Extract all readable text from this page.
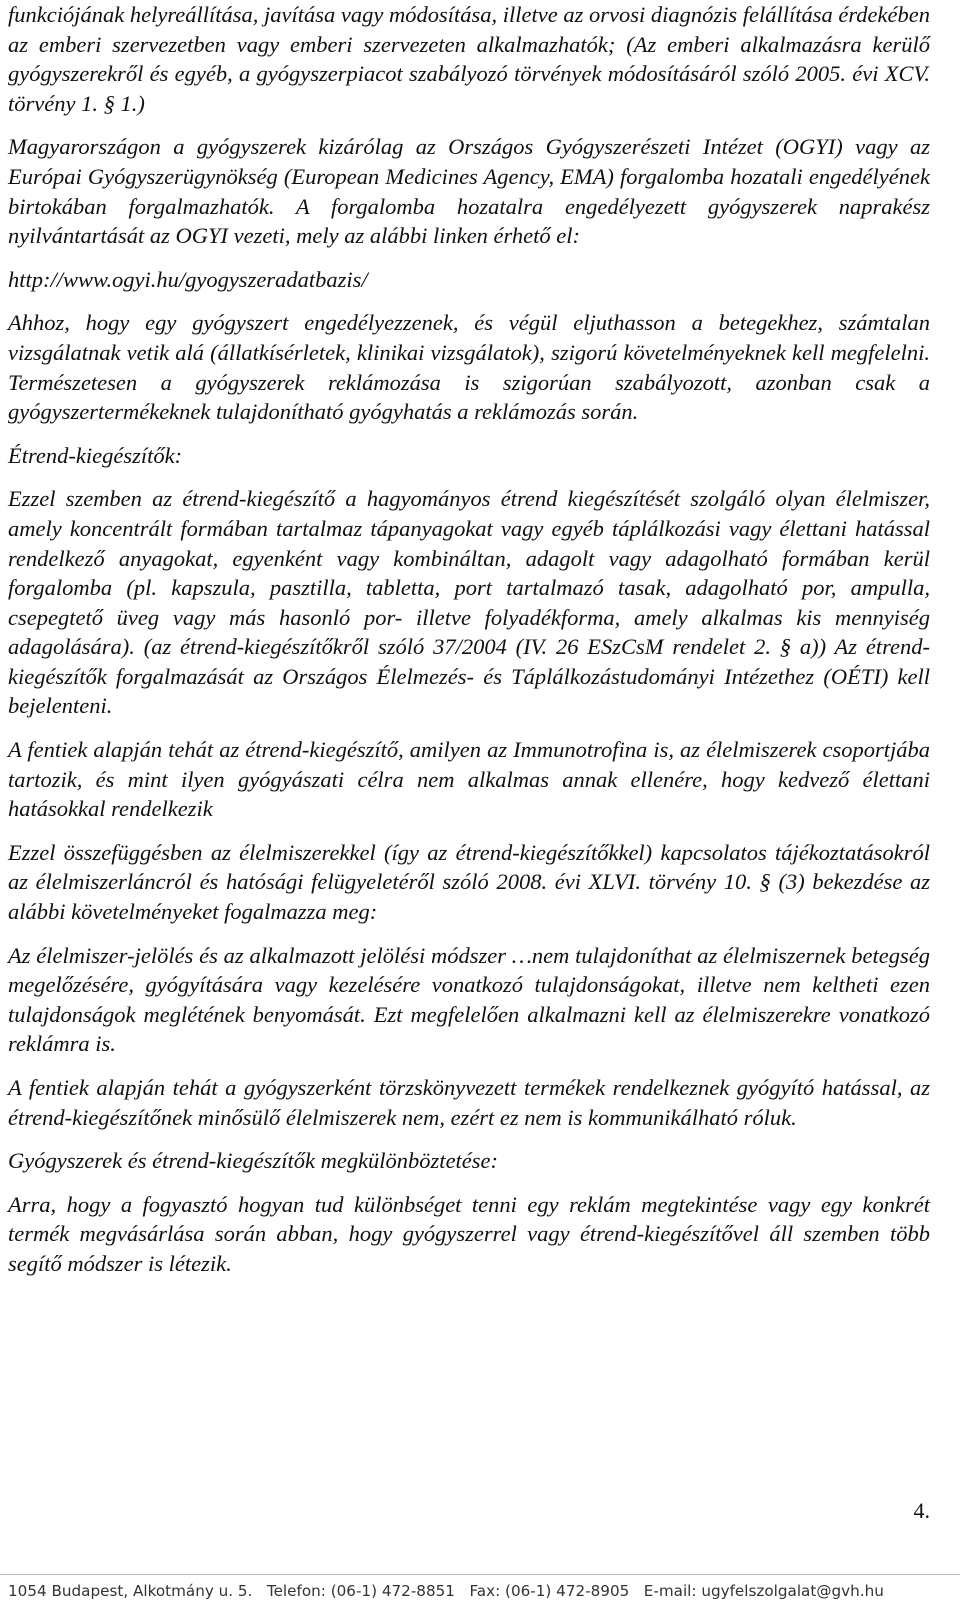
funkciójának helyreállítása, javítása vagy módosítása, illetve az orvosi diagnózis felállítása érdekében az emberi szervezetben vagy emberi szervezeten alkalmazhatók; (Az emberi alkalmazásra kerülő gyógyszerekről és egyéb, a gyógyszerpiacot szabályozó törvények módosításáról szóló 2005. évi XCV. törvény 1. § 1.)

Magyarországon a gyógyszerek kizárólag az Országos Gyógyszerészeti Intézet (OGYI) vagy az Európai Gyógyszerügynökség (European Medicines Agency, EMA) forgalomba hozatali engedélyének birtokában forgalmazhatók. A forgalomba hozatalra engedélyezett gyógyszerek naprakész nyilvántartását az OGYI vezeti, mely az alábbi linken érhető el:

http://www.ogyi.hu/gyogyszeradatbazis/

Ahhoz, hogy egy gyógyszert engedélyezzenek, és végül eljuthasson a betegekhez, számtalan vizsgálatnak vetik alá (állatkísérletek, klinikai vizsgálatok), szigorú követelményeknek kell megfelelni. Természetesen a gyógyszerek reklámozása is szigorúan szabályozott, azonban csak a gyógyszertermékeknek tulajdonítható gyógyhatás a reklámozás során.

Étrend-kiegészítők:

Ezzel szemben az étrend-kiegészítő a hagyományos étrend kiegészítését szolgáló olyan élelmiszer, amely koncentrált formában tartalmaz tápanyagokat vagy egyéb táplálkozási vagy élettani hatással rendelkező anyagokat, egyenként vagy kombináltan, adagolt vagy adagolható formában kerül forgalomba (pl. kapszula, pasztilla, tabletta, port tartalmazó tasak, adagolható por, ampulla, csepegtető üveg vagy más hasonló por- illetve folyadékforma, amely alkalmas kis mennyiség adagolására). (az étrend-kiegészítőkről szóló 37/2004 (IV. 26 ESzCsM rendelet 2. § a)) Az étrend-kiegészítők forgalmazását az Országos Élelmezés- és Táplálkozástudományi Intézethez (OÉTI) kell bejelenteni.

A fentiek alapján tehát az étrend-kiegészítő, amilyen az Immunotrofina is, az élelmiszerek csoportjába tartozik, és mint ilyen gyógyászati célra nem alkalmas annak ellenére, hogy kedvező élettani hatásokkal rendelkezik

Ezzel összefüggésben az élelmiszerekkel (így az étrend-kiegészítőkkel) kapcsolatos tájékoztatásokról az élelmiszerláncról és hatósági felügyeletéről szóló 2008. évi XLVI. törvény 10. § (3) bekezdése az alábbi követelményeket fogalmazza meg:

Az élelmiszer-jelölés és az alkalmazott jelölési módszer …nem tulajdoníthat az élelmiszernek betegség megelőzésére, gyógyítására vagy kezelésére vonatkozó tulajdonságokat, illetve nem keltheti ezen tulajdonságok meglétének benyomását. Ezt megfelelően alkalmazni kell az élelmiszerekre vonatkozó reklámra is.

A fentiek alapján tehát a gyógyszerként törzskönyvezett termékek rendelkeznek gyógyító hatással, az étrend-kiegészítőnek minősülő élelmiszerek nem, ezért ez nem is kommunikálható róluk.

Gyógyszerek és étrend-kiegészítők megkülönböztetése:

Arra, hogy a fogyasztó hogyan tud különbséget tenni egy reklám megtekintése vagy egy konkrét termék megvásárlása során abban, hogy gyógyszerrel vagy étrend-kiegészítővel áll szemben több segítő módszer is létezik.

4.
1054 Budapest, Alkotmány u. 5.   Telefon: (06-1) 472-8851   Fax: (06-1) 472-8905   E-mail: ugyfelszolgalat@gvh.hu
